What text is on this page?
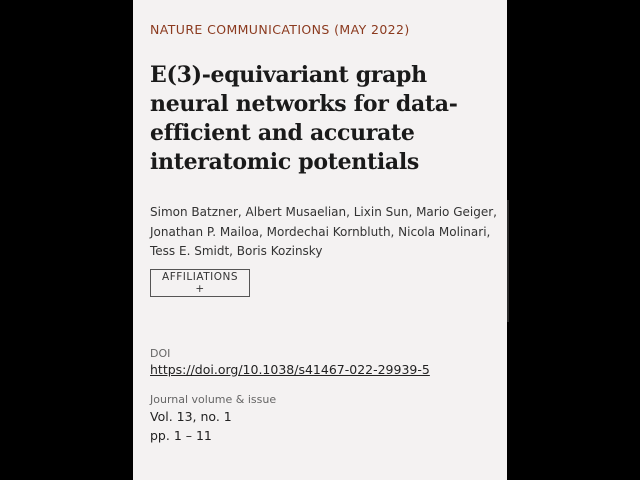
NATURE COMMUNICATIONS (MAY 2022)
E(3)-equivariant graph
neural networks for data-
efficient and accurate
interatomic potentials
Simon Batzner, Albert Musaelian, Lixin Sun, Mario Geiger,
Jonathan P. Mailoa, Mordechai Kornbluth, Nicola Molinari,
Tess E. Smidt, Boris Kozinsky
AFFILIATIONS +
DOI
https://doi.org/10.1038/s41467-022-29939-5
Journal volume & issue
Vol. 13, no. 1
pp. 1 – 11
